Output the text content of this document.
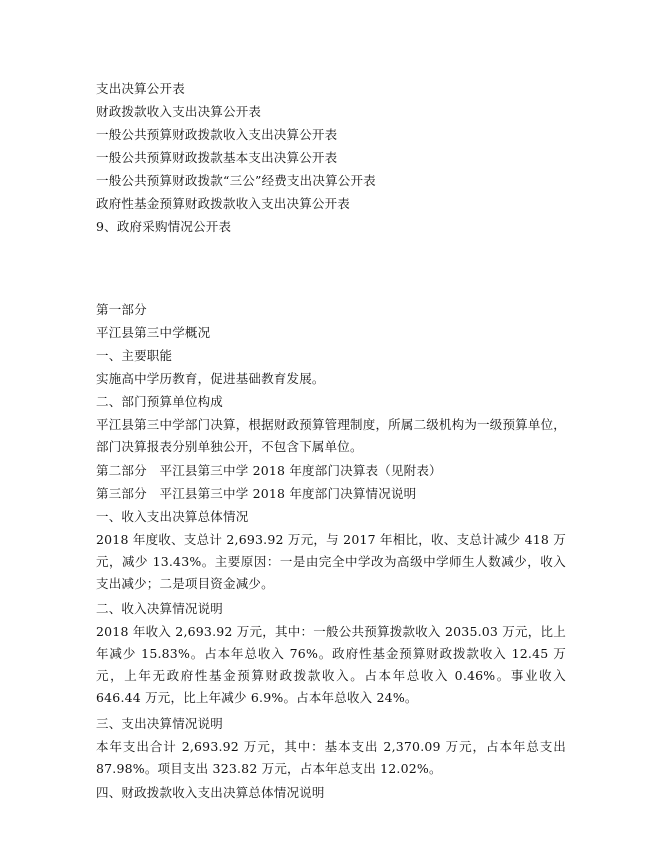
支出决算公开表
财政拨款收入支出决算公开表
一般公共预算财政拨款收入支出决算公开表
一般公共预算财政拨款基本支出决算公开表
一般公共预算财政拨款“三公”经费支出决算公开表
政府性基金预算财政拨款收入支出决算公开表
9、政府采购情况公开表
第一部分
平江县第三中学概况
一、主要职能
实施高中学历教育，促进基础教育发展。
二、部门预算单位构成
平江县第三中学部门决算，根据财政预算管理制度，所属二级机构为一级预算单位，部门决算报表分别单独公开，不包含下属单位。
第二部分　平江县第三中学 2018 年度部门决算表（见附表）
第三部分　平江县第三中学 2018 年度部门决算情况说明
一、收入支出决算总体情况
2018 年度收、支总计 2,693.92 万元，与 2017 年相比，收、支总计减少 418 万元，减少 13.43%。主要原因：一是由完全中学改为高级中学师生人数减少，收入支出减少；二是项目资金减少。
二、收入决算情况说明
2018 年收入 2,693.92 万元，其中：一般公共预算拨款收入 2035.03 万元，比上年减少 15.83%。占本年总收入 76%。政府性基金预算财政拨款收入 12.45 万元，上年无政府性基金预算财政拨款收入。占本年总收入 0.46%。事业收入 646.44 万元，比上年减少 6.9%。占本年总收入 24%。
三、支出决算情况说明
本年支出合计 2,693.92 万元，其中：基本支出 2,370.09 万元，占本年总支出 87.98%。项目支出 323.82 万元，占本年总支出 12.02%。
四、财政拨款收入支出决算总体情况说明
